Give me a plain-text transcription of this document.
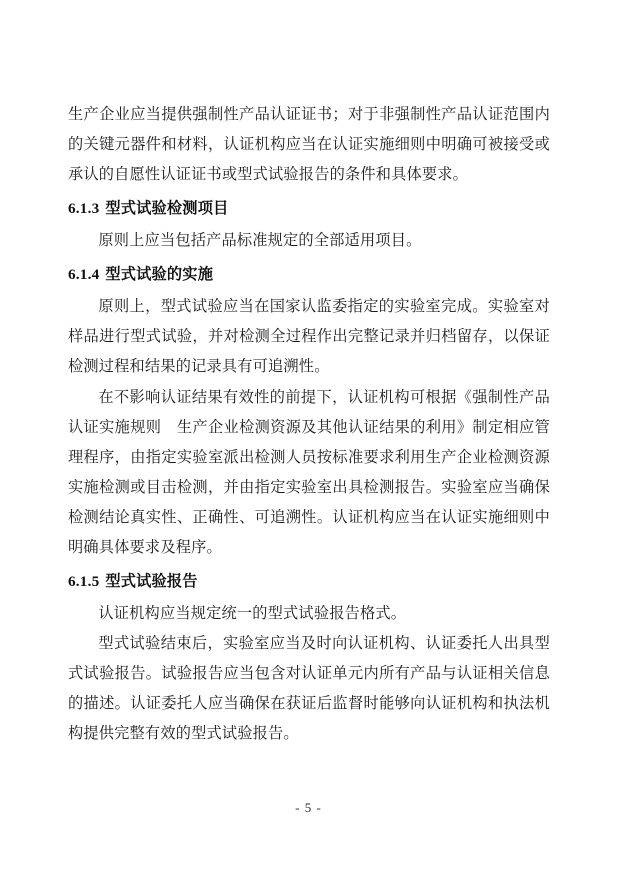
生产企业应当提供强制性产品认证证书；对于非强制性产品认证范围内的关键元器件和材料，认证机构应当在认证实施细则中明确可被接受或承认的自愿性认证证书或型式试验报告的条件和具体要求。

6.1.3 型式试验检测项目

原则上应当包括产品标准规定的全部适用项目。

6.1.4 型式试验的实施

原则上，型式试验应当在国家认监委指定的实验室完成。实验室对样品进行型式试验，并对检测全过程作出完整记录并归档留存，以保证检测过程和结果的记录具有可追溯性。

在不影响认证结果有效性的前提下，认证机构可根据《强制性产品认证实施规则　生产企业检测资源及其他认证结果的利用》制定相应管理程序，由指定实验室派出检测人员按标准要求利用生产企业检测资源实施检测或目击检测，并由指定实验室出具检测报告。实验室应当确保检测结论真实性、正确性、可追溯性。认证机构应当在认证实施细则中明确具体要求及程序。

6.1.5 型式试验报告

认证机构应当规定统一的型式试验报告格式。

型式试验结束后，实验室应当及时向认证机构、认证委托人出具型式试验报告。试验报告应当包含对认证单元内所有产品与认证相关信息的描述。认证委托人应当确保在获证后监督时能够向认证机构和执法机构提供完整有效的型式试验报告。

- 5 -
